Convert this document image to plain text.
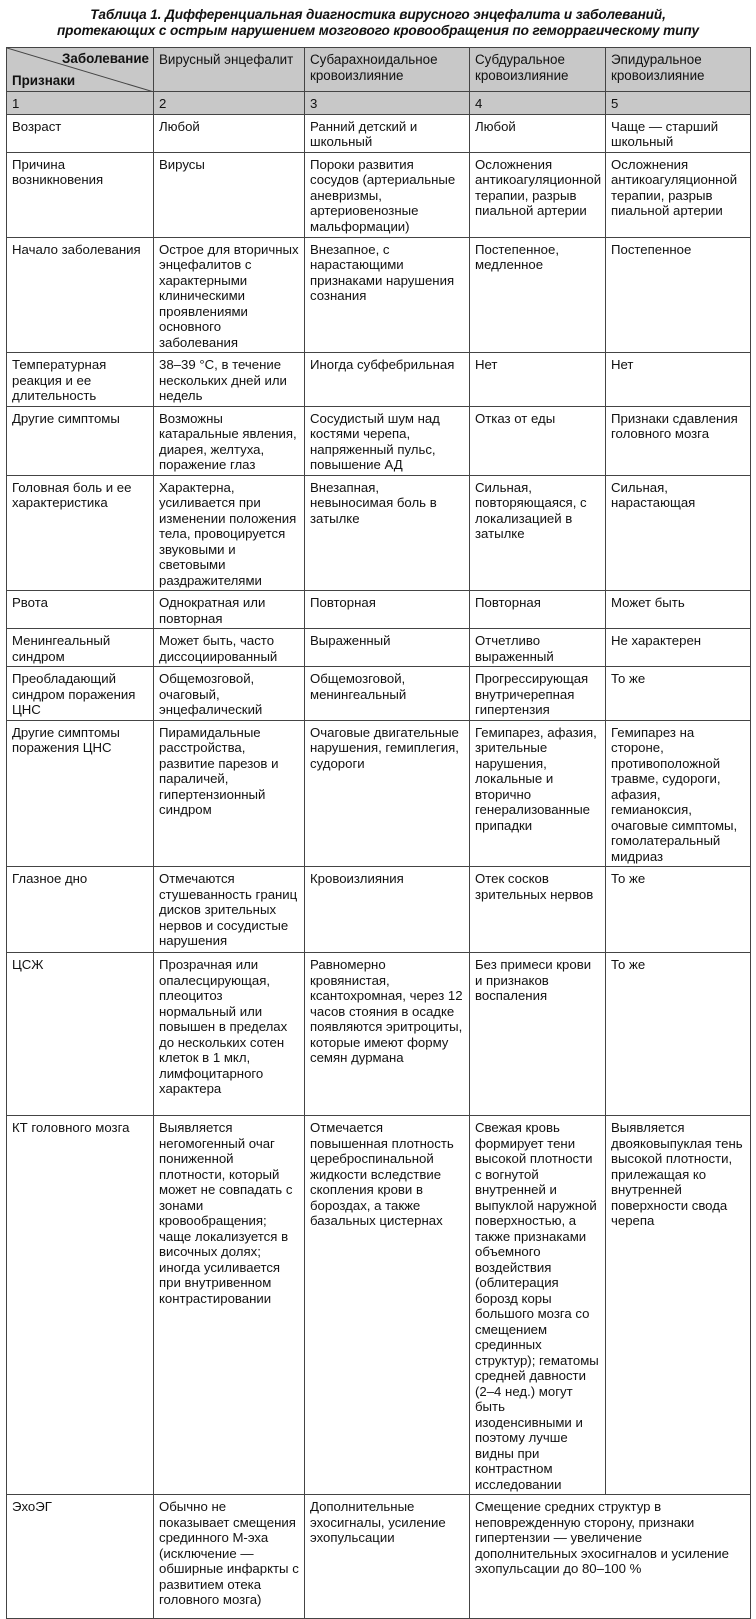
Таблица 1. Дифференциальная диагностика вирусного энцефалита и заболеваний,
протекающих с острым нарушением мозгового кровообращения по геморрагическому типу
Заболевание
Признаки	Вирусный энцефалит	Субарахноидальное кровоизлияние	Субдуральное кровоизлияние	Эпидуральное кровоизлияние
1	2	3	4	5
Возраст	Любой	Ранний детский и школьный	Любой	Чаще — старший школьный
Причина возникновения	Вирусы	Пороки развития сосудов (артериальные аневризмы, артериовенозные мальформации)	Осложнения антикоагуляционной терапии, разрыв пиальной артерии	Осложнения антикоагуляционной терапии, разрыв пиальной артерии
Начало заболевания	Острое для вторичных энцефалитов с характерными клиническими проявлениями основного заболевания	Внезапное, с нарастающими признаками нарушения сознания	Постепенное, медленное	Постепенное
Температурная реакция и ее длительность	38–39 °С, в течение нескольких дней или недель	Иногда субфебрильная	Нет	Нет
Другие симптомы	Возможны катаральные явления, диарея, желтуха, поражение глаз	Сосудистый шум над костями черепа, напряженный пульс, повышение АД	Отказ от еды	Признаки сдавления головного мозга
Головная боль и ее характеристика	Характерна, усиливается при изменении положения тела, провоцируется звуковыми и световыми раздражителями	Внезапная, невыносимая боль в затылке	Сильная, повторяющаяся, с локализацией в затылке	Сильная, нарастающая
Рвота	Однократная или повторная	Повторная	Повторная	Может быть
Менингеальный синдром	Может быть, часто диссоциированный	Выраженный	Отчетливо выраженный	Не характерен
Преобладающий синдром поражения ЦНС	Общемозговой, очаговый, энцефалический	Общемозговой, менингеальный	Прогрессирующая внутричерепная гипертензия	То же
Другие симптомы поражения ЦНС	Пирамидальные расстройства, развитие парезов и параличей, гипертензионный синдром	Очаговые двигательные нарушения, гемиплегия, судороги	Гемипарез, афазия, зрительные нарушения, локальные и вторично генерализованные припадки	Гемипарез на стороне, противоположной травме, судороги, афазия, гемианоксия, очаговые симптомы, гомолатеральный мидриаз
Глазное дно	Отмечаются стушеванность границ дисков зрительных нервов и сосудистые нарушения	Кровоизлияния	Отек сосков зрительных нервов	То же
ЦСЖ	Прозрачная или опалесцирующая, плеоцитоз нормальный или повышен в пределах до нескольких сотен клеток в 1 мкл, лимфоцитарного характера	Равномерно кровянистая, ксантохромная, через 12 часов стояния в осадке появляются эритроциты, которые имеют форму семян дурмана	Без примеси крови и признаков воспаления	То же
КТ головного мозга	Выявляется негомогенный очаг пониженной плотности, который может не совпадать с зонами кровообращения; чаще локализуется в височных долях; иногда усиливается при внутривенном контрастировании	Отмечается повышенная плотность цереброспинальной жидкости вследствие скопления крови в бороздах, а также базальных цистернах	Свежая кровь формирует тени высокой плотности с вогнутой внутренней и выпуклой наружной поверхностью, а также признаками объемного воздействия (облитерация борозд коры большого мозга со смещением срединных структур); гематомы средней давности (2–4 нед.) могут быть изоденсивными и поэтому лучше видны при контрастном исследовании	Выявляется двояковыпуклая тень высокой плотности, прилежащая ко внутренней поверхности свода черепа
ЭхоЭГ	Обычно не показывает смещения срединного М-эха (исключение — обширные инфаркты с развитием отека головного мозга)	Дополнительные эхосигналы, усиление эхопульсации	Смещение средних структур в неповрежденную сторону, признаки гипертензии — увеличение дополнительных эхосигналов и усиление эхопульсации до 80–100 %	
